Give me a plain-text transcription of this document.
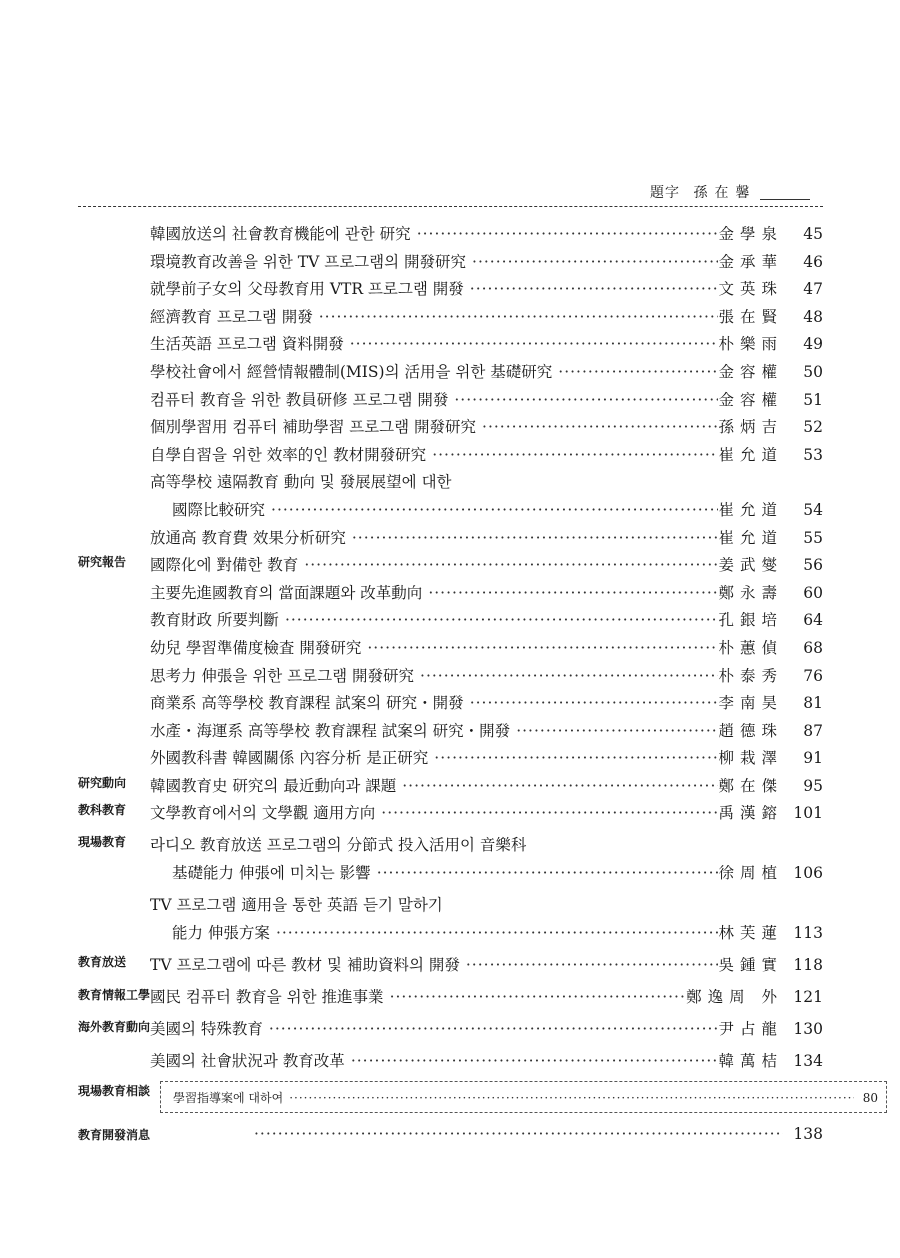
題字 孫在馨
韓國放送의 社會教育機能에 관한 研究 ·····	金學泉	45
環境教育改善을 위한 TV 프로그램의 開發研究 ·····	金承華	46
就學前子女의 父母教育用 VTR 프로그램 開發 ·····	文英珠	47
經濟教育 프로그램 開發 ·····	張在賢	48
生活英語 프로그램 資料開發 ·····	朴樂雨	49
學校社會에서 經營情報體制(MIS)의 活用을 위한 基礎研究 ·····	金容權	50
컴퓨터 教育을 위한 教員研修 프로그램 開發 ·····	金容權	51
個別學習用 컴퓨터 補助學習 프로그램 開發研究 ·····	孫炳吉	52
自學自習을 위한 效率的인 教材開發研究 ·····	崔允道	53
高等學校 遠隔教育 動向 및 發展展望에 대한
國際比較研究 ·····	崔允道	54
放通高 教育費 效果分析研究 ·····	崔允道	55
研究報告	國際化에 對備한 教育 ·····	姜武燮	56
主要先進國教育의 當面課題와 改革動向 ·····	鄭永壽	60
教育財政 所要判斷 ·····	孔銀培	64
幼兒 學習準備度檢査 開發研究 ·····	朴蕙偵	68
思考力 伸張을 위한 프로그램 開發研究 ·····	朴泰秀	76
商業系 高等學校 教育課程 試案의 研究・開發 ·····	李南昊	81
水產・海運系 高等學校 教育課程 試案의 研究・開發 ·····	趙德珠	87
外國教科書 韓國關係 內容分析 是正研究 ·····	柳栽澤	91
研究動向	韓國教育史 研究의 最近動向과 課題 ·····	鄭在傑	95
教科教育	文學教育에서의 文學觀 適用方向 ·····	禹漢鎔 101
現場教育	라디오 教育放送 프로그램의 分節式 投入活用이 音樂科
基礎能力 伸張에 미치는 影響 ·····	徐周植 106
TV 프로그램 適用을 통한 英語 듣기 말하기
能力 伸張方案 ·····	林芙蓮 113
教育放送	TV 프로그램에 따른 教材 및 補助資料의 開發 ·····	吳鍾實 118
教育情報工學 國民 컴퓨터 教育을 위한 推進事業 ·····	鄭逸周 外 121
海外教育動向 美國의 特殊教育 ·····	尹占龍 130
美國의 社會狀況과 教育改革 ·····	韓萬桔 134
現場教育相談 學習指導案에 대하여 ·····	80
教育開發消息 ·····	138
